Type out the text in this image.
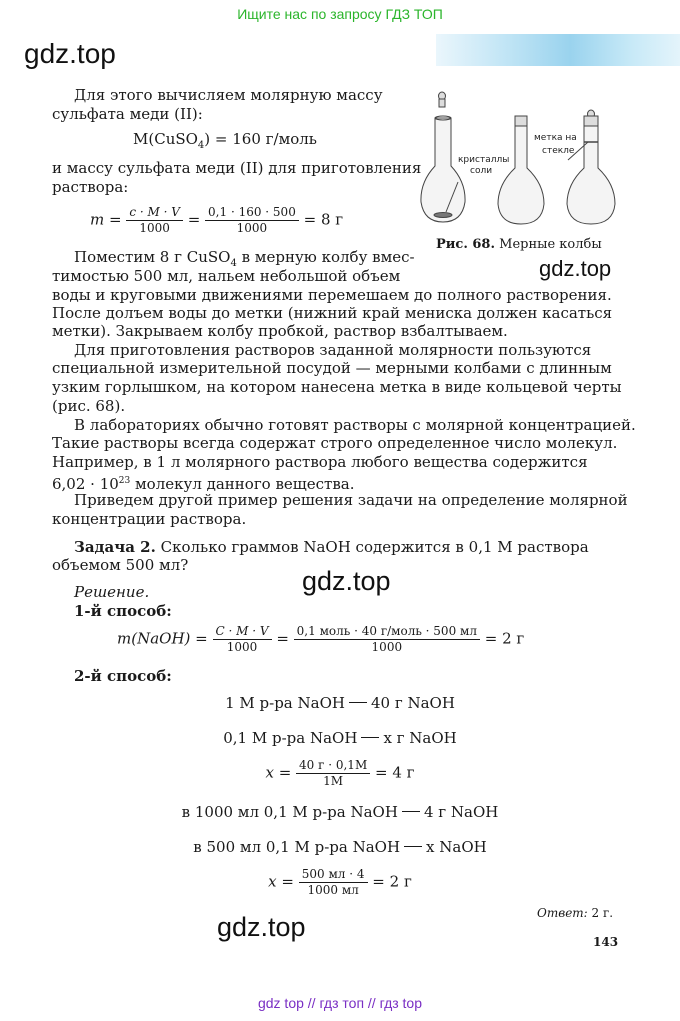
Ищите нас по запросу ГДЗ ТОП
gdz.top
Для этого вычисляем молярную массу
сульфата меди (II):
M(CuSO$_4$) = 160 г/моль
и массу сульфата меди (II) для приготовления
раствора:
$m = \frac{c \cdot M \cdot V}{1000} = \frac{0,1 \cdot 160 \cdot 500}{1000} = 8$ г
кристаллы
соли
метка на
стекле
Рис. 68. Мерные колбы
gdz.top
Поместим 8 г CuSO$_4$ в мерную колбу вмес-
тимостью 500 мл, нальем небольшой объем
воды и круговыми движениями перемешаем до полного растворения.
После долъем воды до метки (нижний край мениска должен касаться
метки). Закрываем колбу пробкой, раствор взбалтываем.
Для приготовления растворов заданной молярности пользуются
специальной измерительной посудой — мерными колбами с длинным
узким горлышком, на котором нанесена метка в виде кольцевой черты
(рис. 68).
В лабораториях обычно готовят растворы с молярной концентрацией.
Такие растворы всегда содержат строго определенное число молекул.
Например, в 1 л молярного раствора любого вещества содержится
$6,02 \cdot 10^{23}$ молекул данного вещества.
Приведем другой пример решения задачи на определение молярной
концентрации раствора.
Задача 2. Сколько граммов NaOH содержится в 0,1 M раствора
объемом 500 мл?
gdz.top
Решение.
1-й способ:
m(NaOH) = $\frac{C \cdot M \cdot V}{1000} = \frac{\text{0,1 моль · 40 г/моль · 500 мл}}{1000} = 2$ г
2-й способ:
1 M р-ра NaOH 40 г NaOH
0,1 M р-ра NaOH x г NaOH
$x = \frac{40 г \cdot 0,1M}{1M} = 4$ г
в 1000 мл 0,1 M р-ра NaOH 4 г NaOH
в 500 мл 0,1 M р-ра NaOH x NaOH
$x = \frac{500 мл \cdot 4}{1000 мл} = 2$ г
Ответ: 2 г.
gdz.top	143
gdz top // гдз топ // гдз top
